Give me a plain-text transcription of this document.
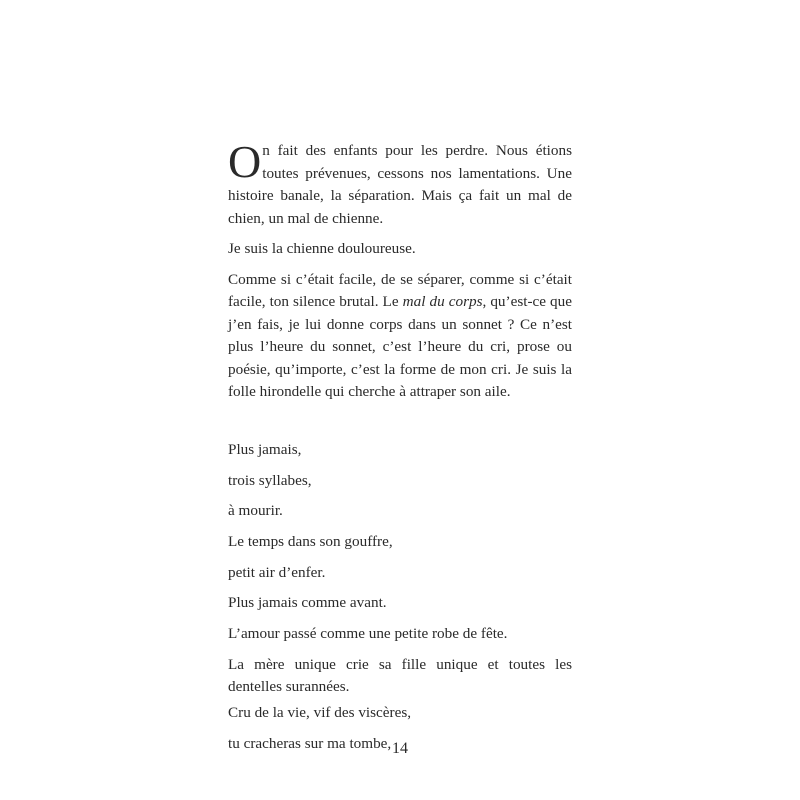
On fait des enfants pour les perdre. Nous étions toutes prévenues, cessons nos lamentations. Une histoire banale, la séparation. Mais ça fait un mal de chien, un mal de chienne.

Je suis la chienne douloureuse.

Comme si c’était facile, de se séparer, comme si c’était facile, ton silence brutal. Le mal du corps, qu’est-ce que j’en fais, je lui donne corps dans un sonnet ? Ce n’est plus l’heure du sonnet, c’est l’heure du cri, prose ou poésie, qu’importe, c’est la forme de mon cri. Je suis la folle hirondelle qui cherche à attraper son aile.

Plus jamais,

trois syllabes,

à mourir.

Le temps dans son gouffre,

petit air d’enfer.

Plus jamais comme avant.

L’amour passé comme une petite robe de fête.

La mère unique crie sa fille unique et toutes les dentelles surannées.

Cru de la vie, vif des viscères,

tu cracheras sur ma tombe, 14
